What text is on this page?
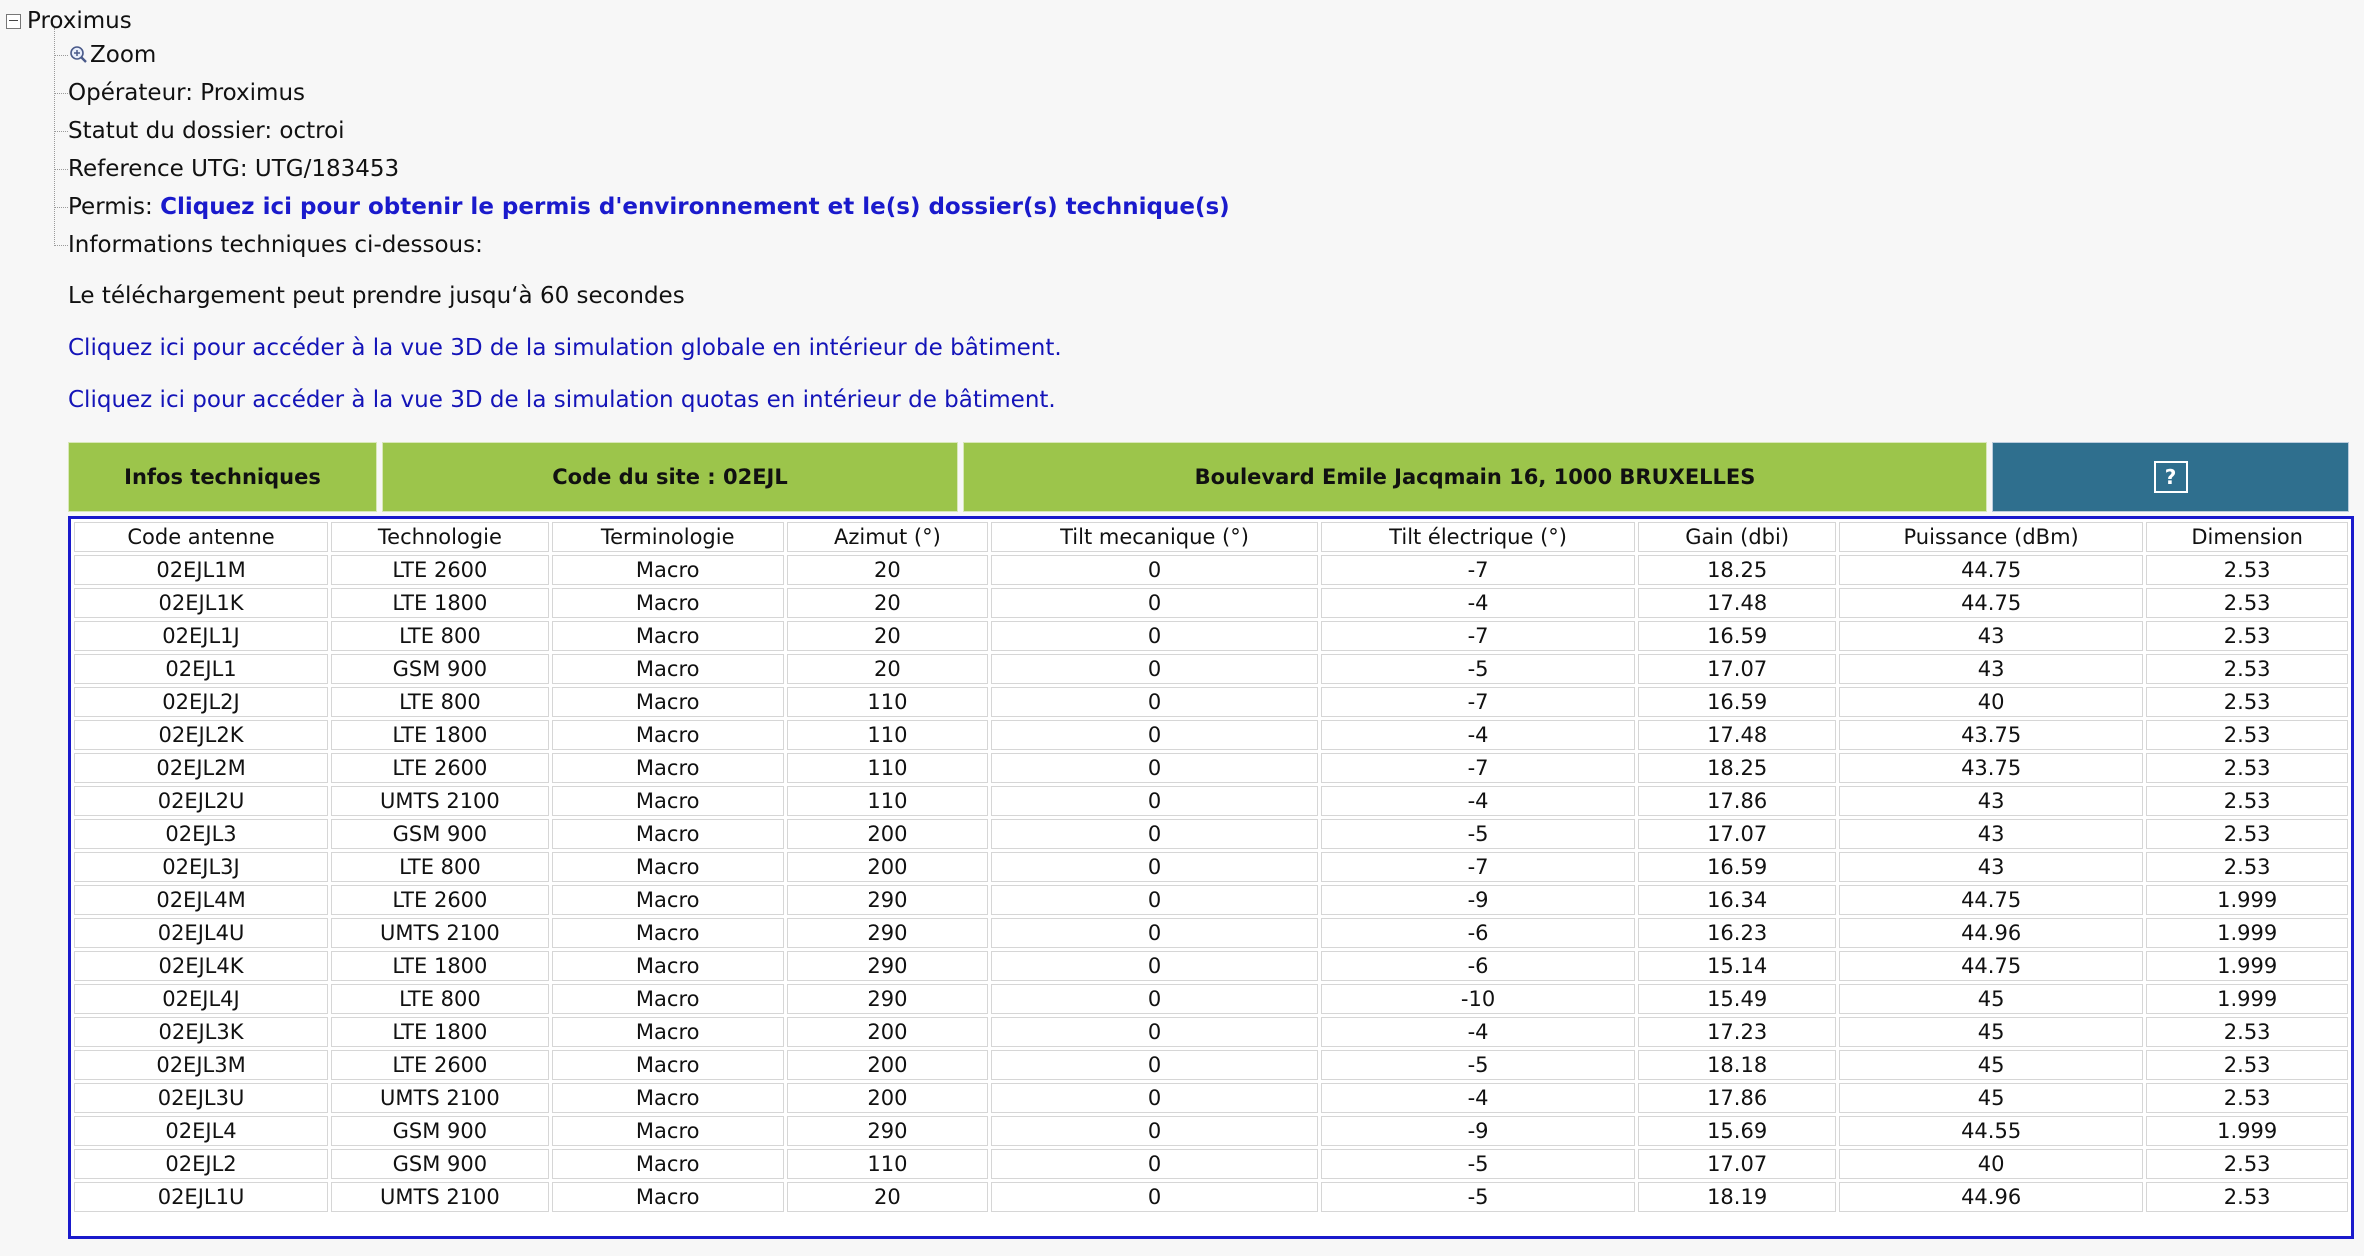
Proximus
Zoom
Opérateur: Proximus
Statut du dossier: octroi
Reference UTG: UTG/183453
Permis: Cliquez ici pour obtenir le permis d'environnement et le(s) dossier(s) technique(s)
Informations techniques ci-dessous:
Le téléchargement peut prendre jusqu‘à 60 secondes
Cliquez ici pour accéder à la vue 3D de la simulation globale en intérieur de bâtiment.
Cliquez ici pour accéder à la vue 3D de la simulation quotas en intérieur de bâtiment.
Infos techniques	Code du site : 02EJL	Boulevard Emile Jacqmain 16, 1000 BRUXELLES	?
Code antenne	Technologie	Terminologie	Azimut (°)	Tilt mecanique (°)	Tilt électrique (°)	Gain (dbi)	Puissance (dBm)	Dimension
02EJL1M	LTE 2600	Macro	20	0	-7	18.25	44.75	2.53
02EJL1K	LTE 1800	Macro	20	0	-4	17.48	44.75	2.53
02EJL1J	LTE 800	Macro	20	0	-7	16.59	43	2.53
02EJL1	GSM 900	Macro	20	0	-5	17.07	43	2.53
02EJL2J	LTE 800	Macro	110	0	-7	16.59	40	2.53
02EJL2K	LTE 1800	Macro	110	0	-4	17.48	43.75	2.53
02EJL2M	LTE 2600	Macro	110	0	-7	18.25	43.75	2.53
02EJL2U	UMTS 2100	Macro	110	0	-4	17.86	43	2.53
02EJL3	GSM 900	Macro	200	0	-5	17.07	43	2.53
02EJL3J	LTE 800	Macro	200	0	-7	16.59	43	2.53
02EJL4M	LTE 2600	Macro	290	0	-9	16.34	44.75	1.999
02EJL4U	UMTS 2100	Macro	290	0	-6	16.23	44.96	1.999
02EJL4K	LTE 1800	Macro	290	0	-6	15.14	44.75	1.999
02EJL4J	LTE 800	Macro	290	0	-10	15.49	45	1.999
02EJL3K	LTE 1800	Macro	200	0	-4	17.23	45	2.53
02EJL3M	LTE 2600	Macro	200	0	-5	18.18	45	2.53
02EJL3U	UMTS 2100	Macro	200	0	-4	17.86	45	2.53
02EJL4	GSM 900	Macro	290	0	-9	15.69	44.55	1.999
02EJL2	GSM 900	Macro	110	0	-5	17.07	40	2.53
02EJL1U	UMTS 2100	Macro	20	0	-5	18.19	44.96	2.53
